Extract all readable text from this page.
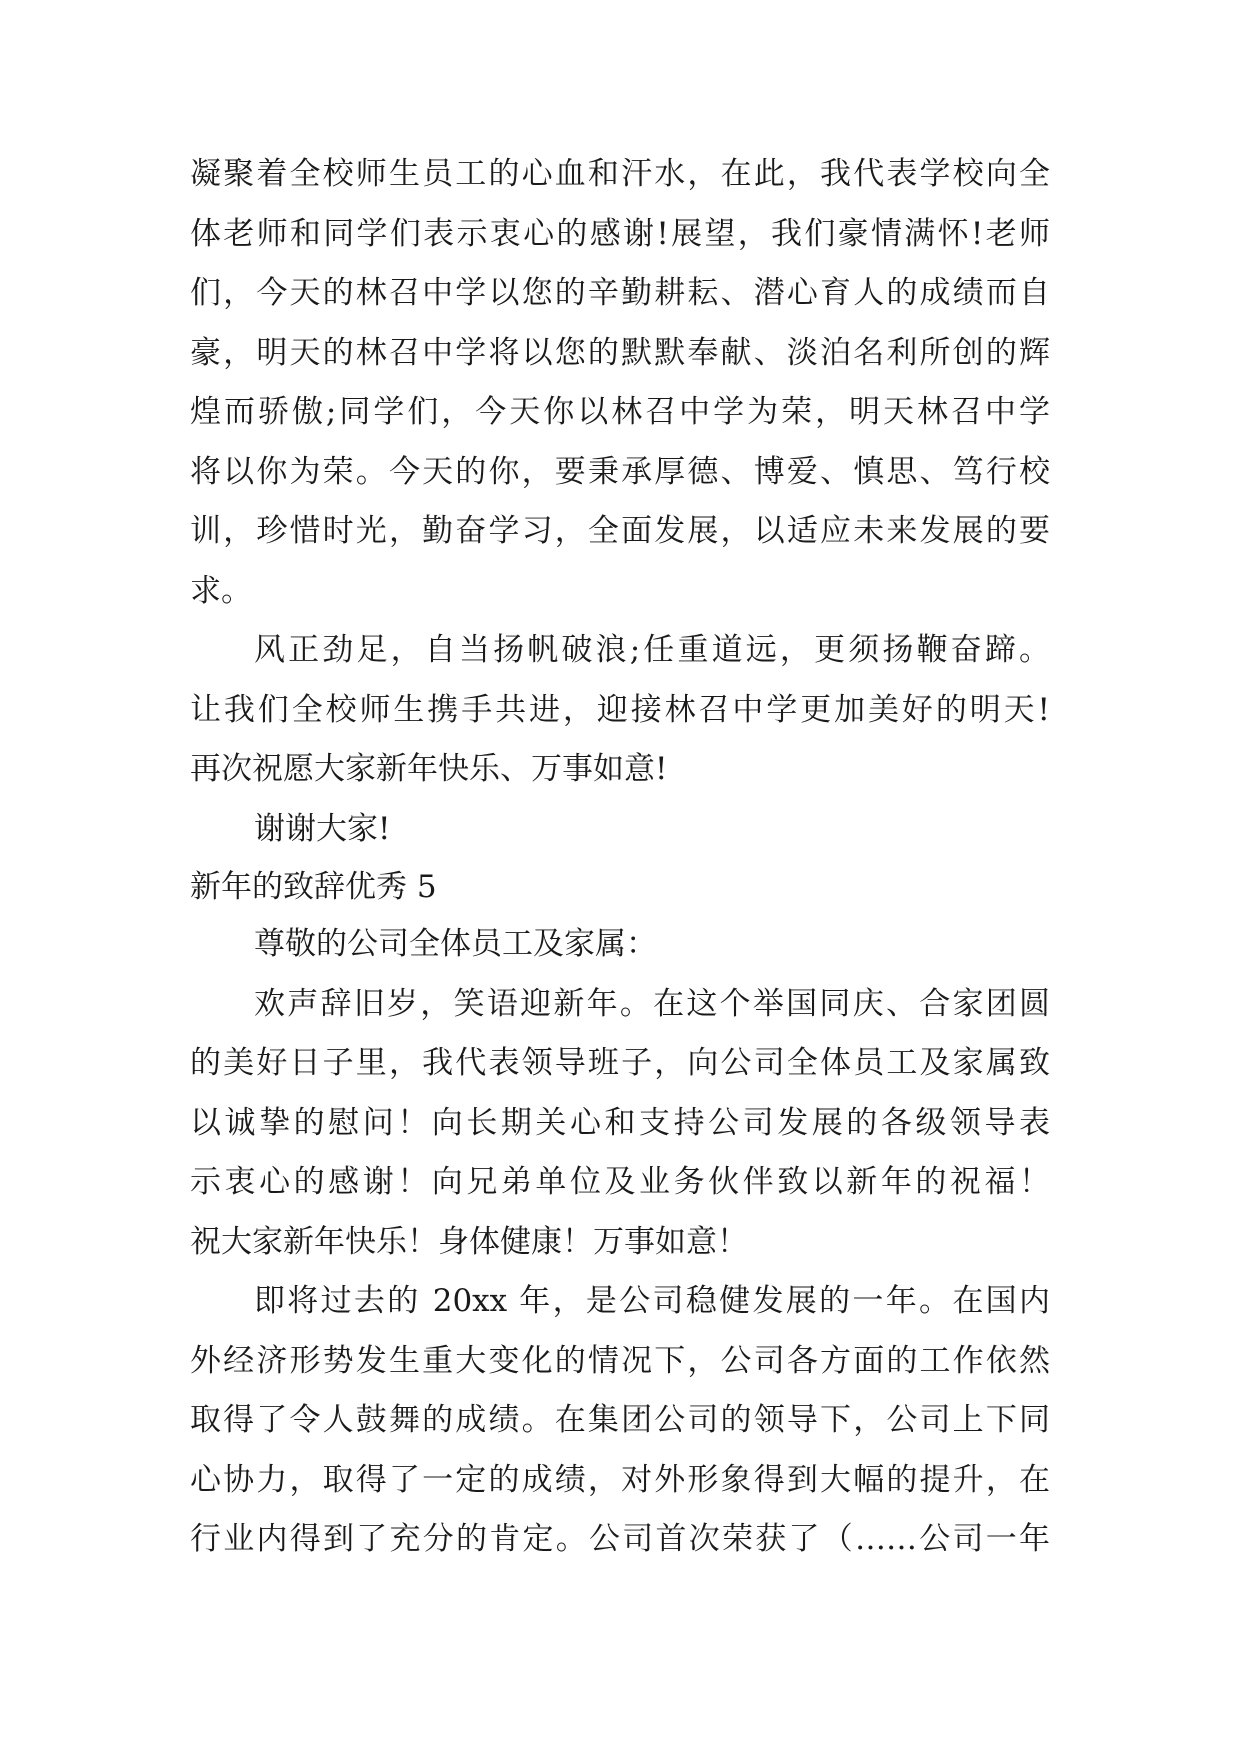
凝聚着全校师生员工的心血和汗水，在此，我代表学校向全
体老师和同学们表示衷心的感谢!展望，我们豪情满怀!老师
们，今天的林召中学以您的辛勤耕耘、潜心育人的成绩而自
豪，明天的林召中学将以您的默默奉献、淡泊名利所创的辉
煌而骄傲;同学们，今天你以林召中学为荣，明天林召中学
将以你为荣。今天的你，要秉承厚德、博爱、慎思、笃行校
训，珍惜时光，勤奋学习，全面发展，以适应未来发展的要
求。
风正劲足，自当扬帆破浪;任重道远，更须扬鞭奋蹄。
让我们全校师生携手共进，迎接林召中学更加美好的明天!
再次祝愿大家新年快乐、万事如意!
谢谢大家!
新年的致辞优秀 5
尊敬的公司全体员工及家属：
欢声辞旧岁，笑语迎新年。在这个举国同庆、合家团圆
的美好日子里，我代表领导班子，向公司全体员工及家属致
以诚挚的慰问！向长期关心和支持公司发展的各级领导表
示衷心的感谢！向兄弟单位及业务伙伴致以新年的祝福！
祝大家新年快乐！身体健康！万事如意！
即将过去的 20xx 年，是公司稳健发展的一年。在国内
外经济形势发生重大变化的情况下，公司各方面的工作依然
取得了令人鼓舞的成绩。在集团公司的领导下，公司上下同
心协力，取得了一定的成绩，对外形象得到大幅的提升，在
行业内得到了充分的肯定。公司首次荣获了（……公司一年
